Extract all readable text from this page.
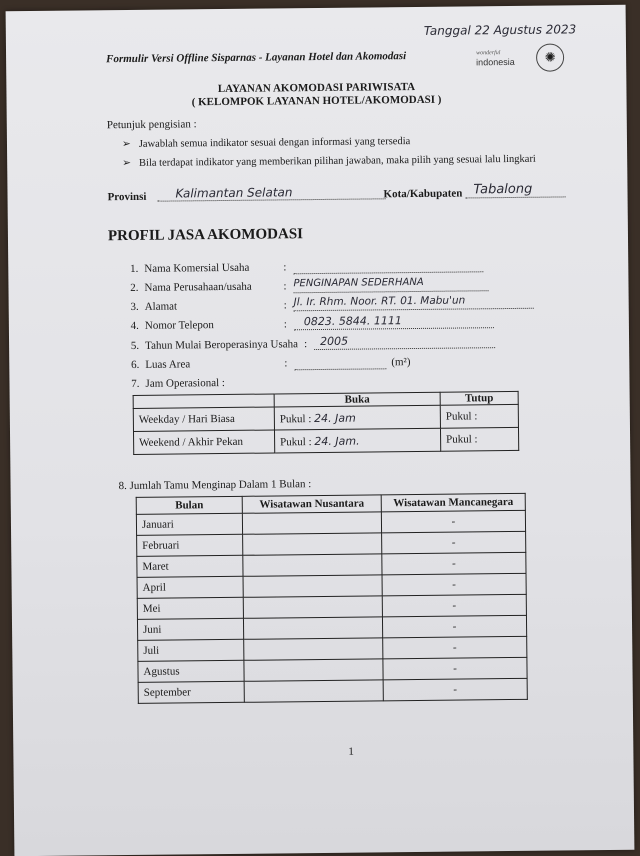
Tanggal 22 Agustus 2023
Formulir Versi Offline Sisparnas - Layanan Hotel dan Akomodasi	wonderful
indonesia	✺
LAYANAN AKOMODASI PARIWISATA
( KELOMPOK LAYANAN HOTEL/AKOMODASI )
Petunjuk pengisian :
➢ Jawablah semua indikator sesuai dengan informasi yang tersedia
➢ Bila terdapat indikator yang memberikan pilihan jawaban, maka pilih yang sesuai lalu lingkari
Provinsi	Kalimantan Selatan	Kota/Kabupaten Tabalong
PROFIL JASA AKOMODASI
1. Nama Komersial Usaha	:
2. Nama Perusahaan/usaha	: PENGINAPAN SEDERHANA
3. Alamat	: Jl. Ir. Rhm. Noor. RT. 01. Mabu'un
4. Nomor Telepon	:	0823. 5844. 1111
5. Tahun Mulai Beroperasinya Usaha :	2005
6. Luas Area	:	(m²)
7. Jam Operasional :
	Buka	Tutup
Weekday / Hari Biasa	Pukul : 24. Jam	Pukul :
Weekend / Akhir Pekan	Pukul : 24. Jam.	Pukul :
8. Jumlah Tamu Menginap Dalam 1 Bulan :
Bulan	Wisatawan Nusantara	Wisatawan Mancanegara
Januari		-
Februari		-
Maret		-
April		-
Mei		-
Juni		-
Juli		-
Agustus		-
September		-
1
